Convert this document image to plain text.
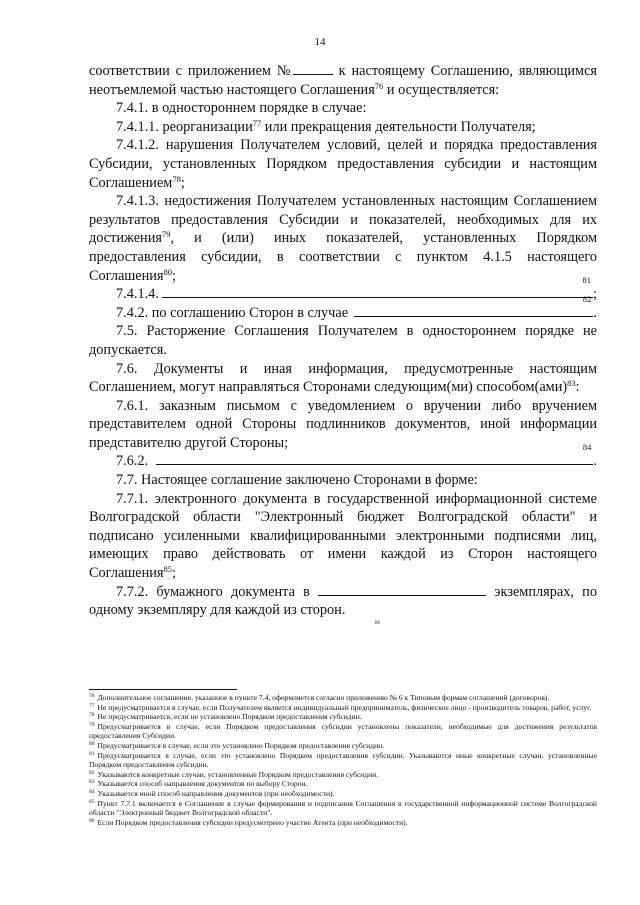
14

соответствии с приложением №	к настоящему Соглашению, являющимся неотъемлемой частью настоящего Соглашения$^{76}$ и осуществляется:

7.4.1. в одностороннем порядке в случае:

7.4.1.1. реорганизации$^{77}$ или прекращения деятельности Получателя;

7.4.1.2. нарушения Получателем условий, целей и порядка предоставления Субсидии, установленных Порядком предоставления субсидии и настоящим Соглашением$^{78}$;

7.4.1.3. недостижения Получателем установленных настоящим Соглашением результатов предоставления Субсидии и показателей, необходимых для их достижения$^{79}$, и (или) иных показателей, установленных Порядком предоставления субсидии, в соответствии с пунктом 4.1.5 настоящего Соглашения$^{80}$;

7.4.1.4.
81
;
7.4.2. по соглашению Сторон в случае
82
.

7.5. Расторжение Соглашения Получателем в одностороннем порядке не допускается.

7.6. Документы и иная информация, предусмотренные настоящим Соглашением, могут направляться Сторонами следующим(ми) способом(ами)$^{83}$:

7.6.1. заказным письмом с уведомлением о вручении либо вручением представителем одной Стороны подлинников документов, иной информации представителю другой Стороны;

7.6.2.
84
.

7.7. Настоящее соглашение заключено Сторонами в форме:

7.7.1. электронного документа в государственной информационной системе Волгоградской области "Электронный бюджет Волгоградской области" и подписано усиленными квалифицированными электронными подписями лиц, имеющих право действовать от имени каждой из Сторон настоящего Соглашения$^{85}$;

7.7.2. бумажного документа в	экземплярах, по одному экземпляру для каждой из сторон.

$^{86}$

$^{76}$ Дополнительное соглашение, указанное в пункте 7.4, оформляется согласно приложению № 6 к Типовым формам соглашений (договоров).

$^{77}$ Не предусматривается в случае, если Получателем является индивидуальный предприниматель, физическое лицо - производитель товаров, работ, услуг.

$^{78}$ Не предусматривается, если не установлено Порядком предоставления субсидии.

$^{79}$ Предусматривается в случае, если Порядком предоставления субсидии установлены показатели, необходимые для достижения результатов предоставления Субсидии.

$^{80}$ Предусматривается в случае, если это установлено Порядком предоставления субсидии.

$^{81}$ Предусматривается в случае, если это установлено Порядком предоставления субсидии. Указываются иные конкретные случаи, установленные Порядком предоставления субсидии.

$^{82}$ Указываются конкретные случаи, установленные Порядком предоставления субсидии.

$^{83}$ Указывается способ направления документов по выбору Сторон.

$^{84}$ Указывается иной способ направления документов (при необходимости).

$^{85}$ Пункт 7.7.1 включается в Соглашение в случае формирования и подписания Соглашения в государственной информационной системе Волгоградской области "Электронный бюджет Волгоградской области".

$^{86}$ Если Порядком предоставления субсидии предусмотрено участие Агента (при необходимости).
